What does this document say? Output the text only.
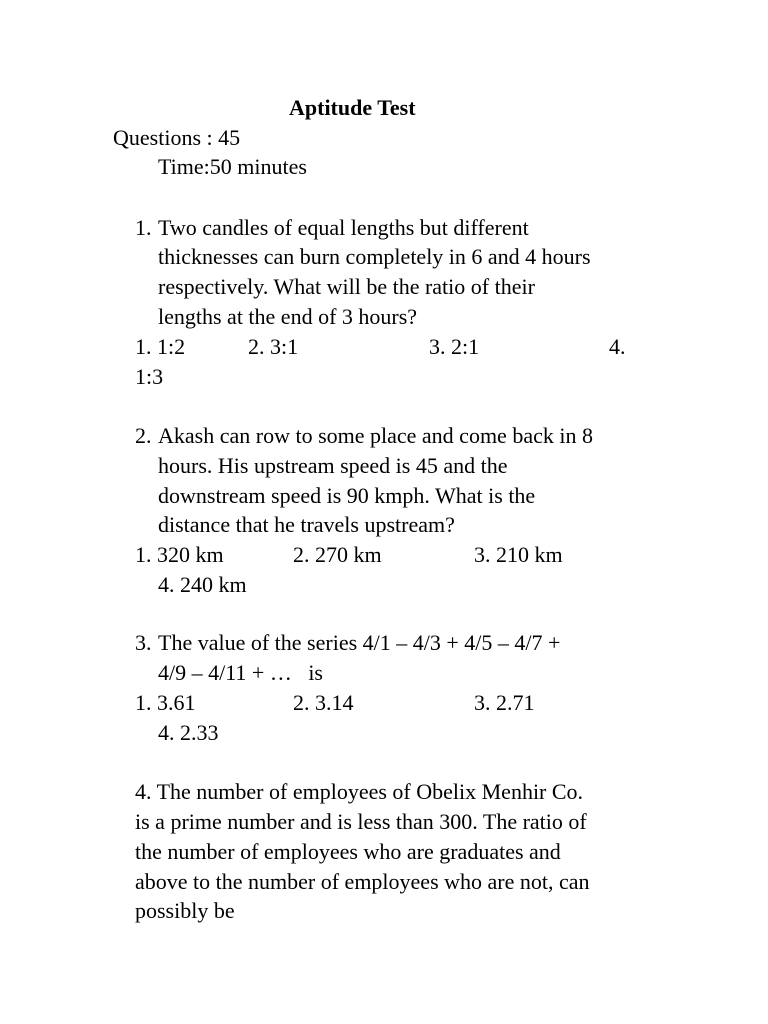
Aptitude Test
Questions : 45
Time:50 minutes
1. Two candles of equal lengths but different
thicknesses can burn completely in 6 and 4 hours
respectively. What will be the ratio of their
lengths at the end of 3 hours?
1. 1:2	2. 3:1	3. 2:1	4.
1:3
2. Akash can row to some place and come back in 8
hours. His upstream speed is 45 and the
downstream speed is 90 kmph. What is the
distance that he travels upstream?
1. 320 km	2. 270 km	3. 210 km
4. 240 km
3. The value of the series 4/1 – 4/3 + 4/5 – 4/7 +
4/9 – 4/11 + …   is
1. 3.61	2. 3.14	3. 2.71
4. 2.33
4. The number of employees of Obelix Menhir Co.
is a prime number and is less than 300. The ratio of
the number of employees who are graduates and
above to the number of employees who are not, can
possibly be
